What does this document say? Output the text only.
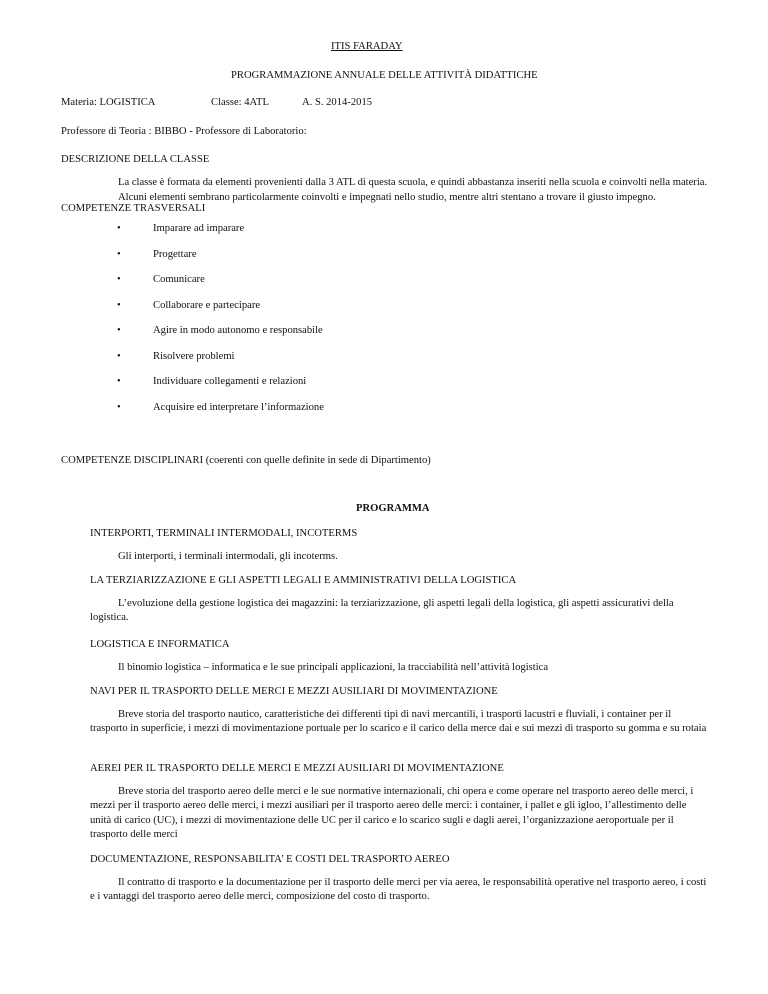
ITIS FARADAY
PROGRAMMAZIONE ANNUALE DELLE ATTIVITÀ DIDATTICHE
Materia: LOGISTICA	Classe: 4ATL	A. S. 2014-2015
Professore di Teoria : BIBBO - Professore di Laboratorio:
DESCRIZIONE DELLA CLASSE
La classe è formata da elementi provenienti dalla 3 ATL di questa scuola, e quindi abbastanza inseriti nella scuola e coinvolti nella materia. Alcuni elementi sembrano particolarmente coinvolti e impegnati nello studio, mentre altri stentano a trovare il giusto impegno.
COMPETENZE TRASVERSALI
•	Imparare ad imparare
•	Progettare
•	Comunicare
•	Collaborare e partecipare
•	Agire in modo autonomo e responsabile
•	Risolvere problemi
•	Individuare collegamenti e relazioni
•	Acquisire ed interpretare l’informazione
COMPETENZE DISCIPLINARI (coerenti con quelle definite in sede di Dipartimento)
PROGRAMMA
INTERPORTI, TERMINALI INTERMODALI, INCOTERMS
Gli interporti, i terminali intermodali, gli incoterms.
LA TERZIARIZZAZIONE E GLI ASPETTI LEGALI E AMMINISTRATIVI DELLA LOGISTICA
L’evoluzione della gestione logistica dei magazzini: la terziarizzazione, gli aspetti legali della logistica, gli aspetti assicurativi della logistica.
LOGISTICA E INFORMATICA
Il binomio logistica – informatica e le sue principali applicazioni, la tracciabilità nell’attività logistica
NAVI PER IL TRASPORTO DELLE MERCI E MEZZI AUSILIARI DI MOVIMENTAZIONE
Breve storia del trasporto nautico, caratteristiche dei differenti tipi di navi mercantili, i trasporti lacustri e fluviali, i container per il trasporto in superficie, i mezzi di movimentazione portuale per lo scarico e il carico della merce dai e sui mezzi di trasporto su gomma e su rotaia
AEREI PER IL TRASPORTO DELLE MERCI E MEZZI AUSILIARI DI MOVIMENTAZIONE
Breve storia del trasporto aereo delle merci e le sue normative internazionali, chi opera e come operare nel trasporto aereo delle merci, i mezzi per il trasporto aereo delle merci, i mezzi ausiliari per il trasporto aereo delle merci: i container, i pallet e gli igloo, l’allestimento delle unità di carico (UC), i mezzi di movimentazione delle UC per il carico e lo scarico sugli e dagli aerei, l’organizzazione aeroportuale per il trasporto delle merci
DOCUMENTAZIONE, RESPONSABILITA’ E COSTI DEL TRASPORTO AEREO
Il contratto di trasporto e la documentazione per il trasporto delle merci per via aerea, le responsabilità operative nel trasporto aereo, i costi e i vantaggi del trasporto aereo delle merci, composizione del costo di trasporto.
